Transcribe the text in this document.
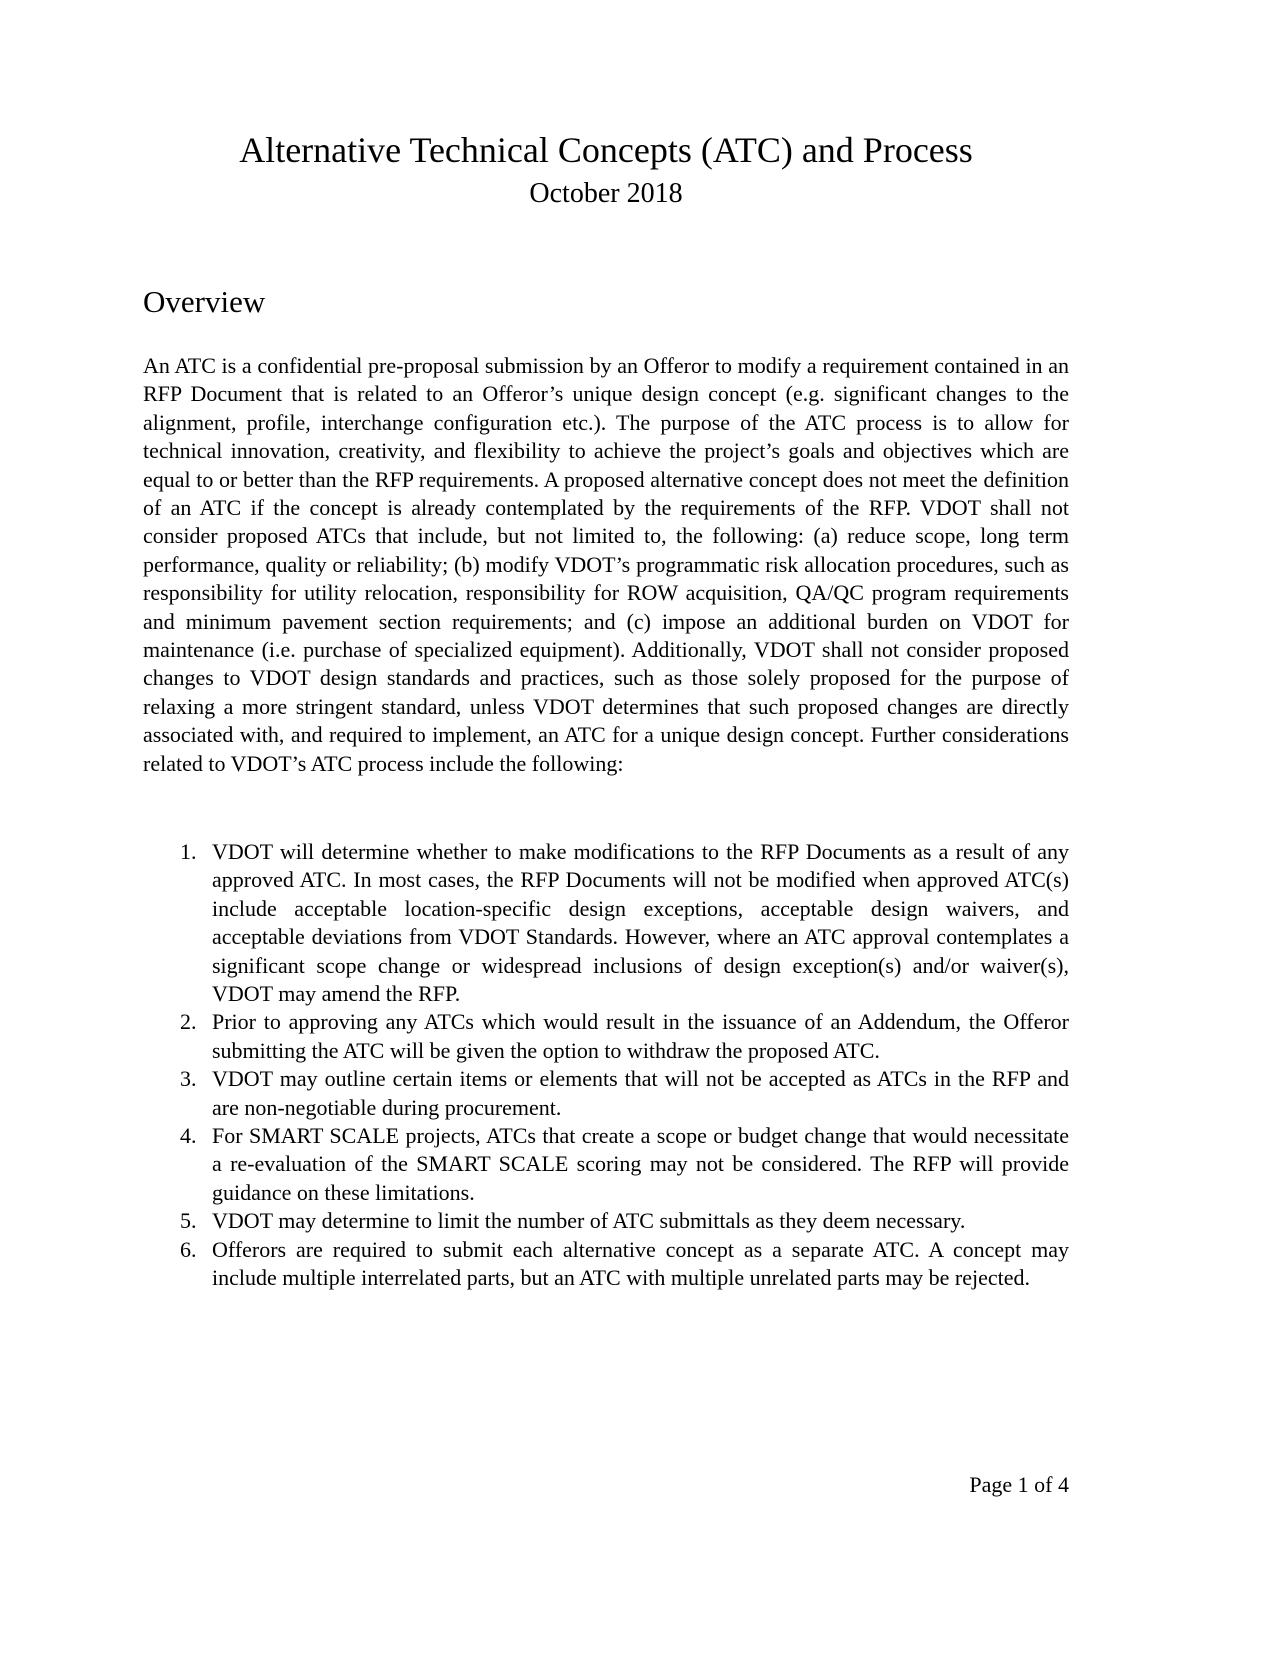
Alternative Technical Concepts (ATC) and Process
October 2018
Overview

An ATC is a confidential pre-proposal submission by an Offeror to modify a requirement contained in an RFP Document that is related to an Offeror’s unique design concept (e.g. significant changes to the alignment, profile, interchange configuration etc.). The purpose of the ATC process is to allow for technical innovation, creativity, and flexibility to achieve the project’s goals and objectives which are equal to or better than the RFP requirements. A proposed alternative concept does not meet the definition of an ATC if the concept is already contemplated by the requirements of the RFP. VDOT shall not consider proposed ATCs that include, but not limited to, the following: (a) reduce scope, long term performance, quality or reliability; (b) modify VDOT’s programmatic risk allocation procedures, such as responsibility for utility relocation, responsibility for ROW acquisition, QA/QC program requirements and minimum pavement section requirements; and (c) impose an additional burden on VDOT for maintenance (i.e. purchase of specialized equipment). Additionally, VDOT shall not consider proposed changes to VDOT design standards and practices, such as those solely proposed for the purpose of relaxing a more stringent standard, unless VDOT determines that such proposed changes are directly associated with, and required to implement, an ATC for a unique design concept. Further considerations related to VDOT’s ATC process include the following:

1. VDOT will determine whether to make modifications to the RFP Documents as a result of any approved ATC. In most cases, the RFP Documents will not be modified when approved ATC(s) include acceptable location-specific design exceptions, acceptable design waivers, and acceptable deviations from VDOT Standards. However, where an ATC approval contemplates a significant scope change or widespread inclusions of design exception(s) and/or waiver(s), VDOT may amend the RFP.
2. Prior to approving any ATCs which would result in the issuance of an Addendum, the Offeror submitting the ATC will be given the option to withdraw the proposed ATC.
3. VDOT may outline certain items or elements that will not be accepted as ATCs in the RFP and are non-negotiable during procurement.
4. For SMART SCALE projects, ATCs that create a scope or budget change that would necessitate a re-evaluation of the SMART SCALE scoring may not be considered. The RFP will provide guidance on these limitations.
5. VDOT may determine to limit the number of ATC submittals as they deem necessary.
6. Offerors are required to submit each alternative concept as a separate ATC. A concept may include multiple interrelated parts, but an ATC with multiple unrelated parts may be rejected.
Page 1 of 4
